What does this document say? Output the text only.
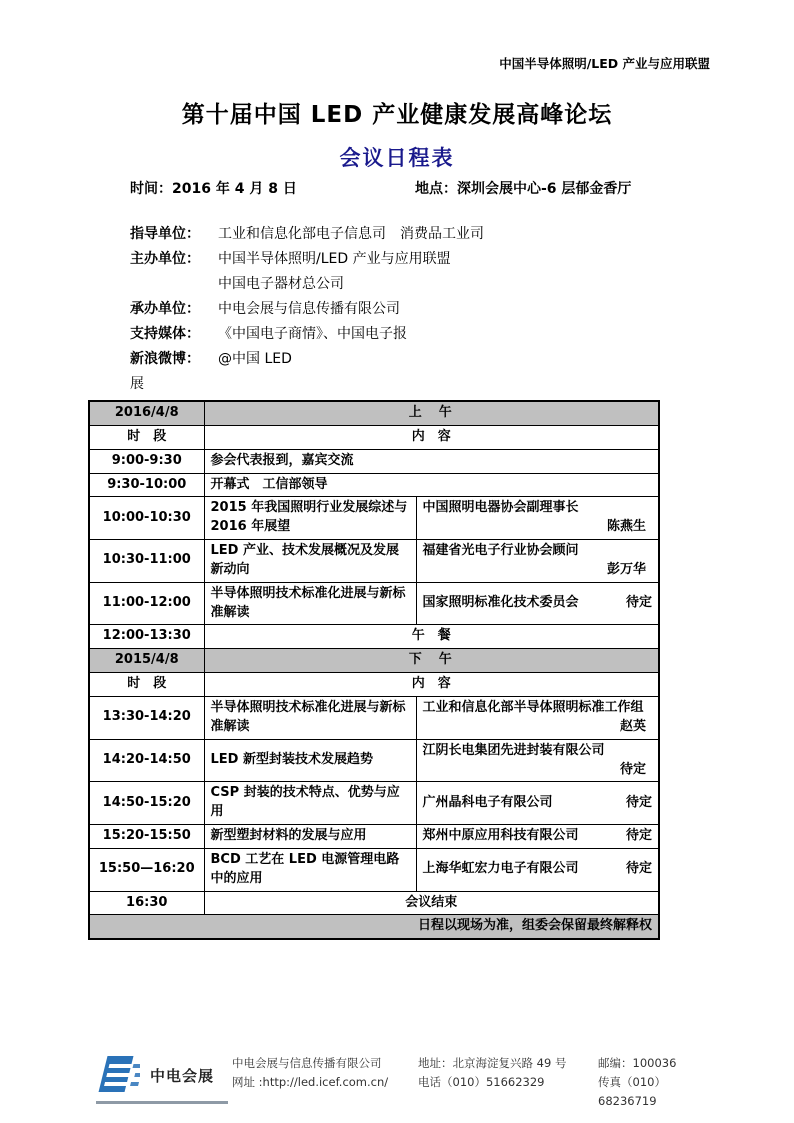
中国半导体照明/LED 产业与应用联盟
第十届中国 LED 产业健康发展高峰论坛
会议日程表
时间：2016 年 4 月 8 日	地点：深圳会展中心-6 层郁金香厅
指导单位：	工业和信息化部电子信息司　消费品工业司
主办单位：	中国半导体照明/LED 产业与应用联盟
中国电子器材总公司
承办单位：	中电会展与信息传播有限公司
支持媒体：	《中国电子商情》、中国电子报
新浪微博：	@中国 LED
展
2016/4/8	上　午	
时　段	内　容	
9:00-9:30	参会代表报到，嘉宾交流	
9:30-10:00	开幕式　工信部领导	
10:00-10:30	2015 年我国照明行业发展综述与 2016 年展望	中国照明电器协会副理事长
陈燕生

10:30-11:00	LED 产业、技术发展概况及发展新动向	福建省光电子行业协会顾问
彭万华

11:00-12:00	半导体照明技术标准化进展与新标准解读	国家照明标准化技术委员会 待定

12:00-13:30	午　餐	
2015/4/8	下　午	
时　段	内　容	
13:30-14:20	半导体照明技术标准化进展与新标准解读	工业和信息化部半导体照明标准工作组
赵英

14:20-14:50	LED 新型封装技术发展趋势	江阴长电集团先进封装有限公司
待定

14:50-15:20	CSP 封装的技术特点、优势与应用	广州晶科电子有限公司 待定

15:20-15:50	新型塑封材料的发展与应用	郑州中原应用科技有限公司 待定

15:50—16:20	BCD 工艺在 LED 电源管理电路中的应用	上海华虹宏力电子有限公司 待定

16:30	会议结束	
日程以现场为准，组委会保留最终解释权		
中电会展
中电会展与信息传播有限公司	地址：北京海淀复兴路 49 号	邮编：100036
网址 :http://led.icef.com.cn/	电话（010）51662329	传真（010）68236719
